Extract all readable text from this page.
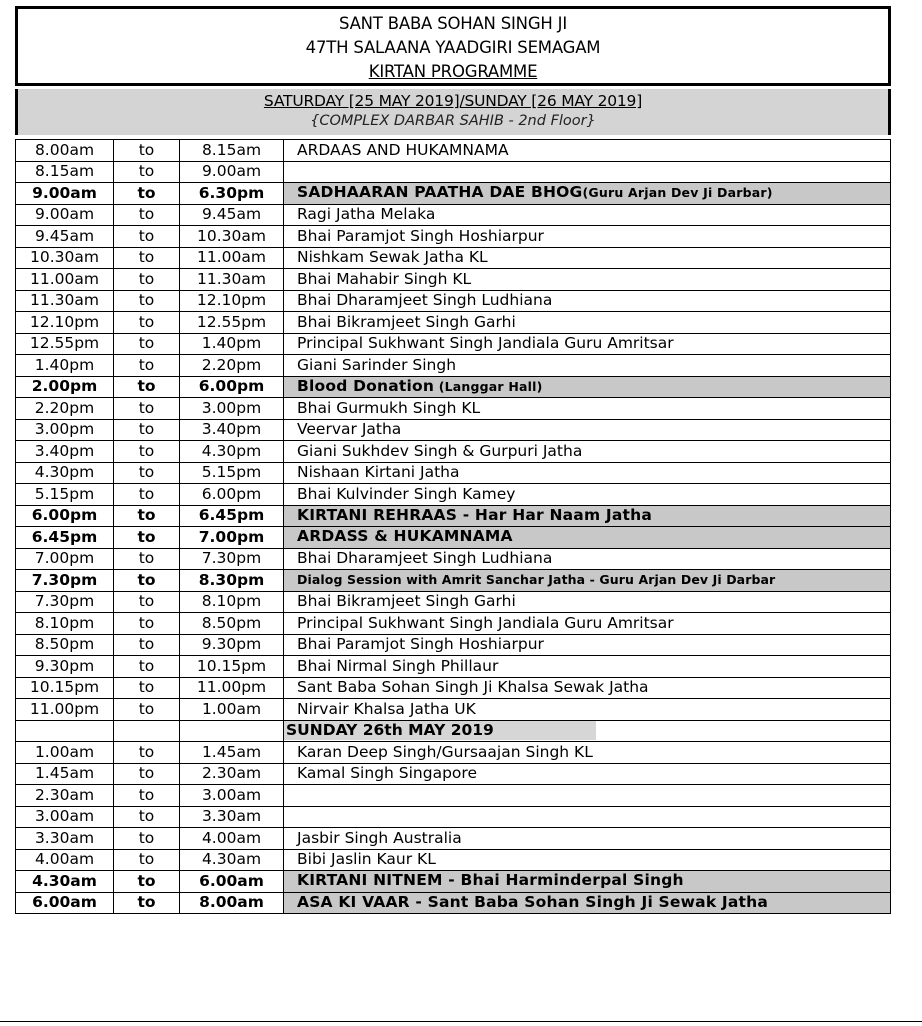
SANT BABA SOHAN SINGH JI
47TH SALAANA YAADGIRI SEMAGAM
KIRTAN PROGRAMME
SATURDAY [25 MAY 2019]/SUNDAY [26 MAY 2019]
{COMPLEX DARBAR SAHIB - 2nd Floor}
8.00am	to	8.15am	ARDAAS AND HUKAMNAMA
8.15am	to	9.00am	
9.00am	to	6.30pm	SADHAARAN PAATHA DAE BHOG(Guru Arjan Dev Ji Darbar)

9.00am	to	9.45am	Ragi Jatha Melaka
9.45am	to	10.30am	Bhai Paramjot Singh Hoshiarpur
10.30am	to	11.00am	Nishkam Sewak Jatha KL
11.00am	to	11.30am	Bhai Mahabir Singh KL
11.30am	to	12.10pm	Bhai Dharamjeet Singh Ludhiana
12.10pm	to	12.55pm	Bhai Bikramjeet Singh Garhi
12.55pm	to	1.40pm	Principal Sukhwant Singh Jandiala Guru Amritsar
1.40pm	to	2.20pm	Giani Sarinder Singh
2.00pm	to	6.00pm	Blood Donation (Langgar Hall)

2.20pm	to	3.00pm	Bhai Gurmukh Singh KL
3.00pm	to	3.40pm	Veervar Jatha
3.40pm	to	4.30pm	Giani Sukhdev Singh & Gurpuri Jatha
4.30pm	to	5.15pm	Nishaan Kirtani Jatha
5.15pm	to	6.00pm	Bhai Kulvinder Singh Kamey
6.00pm	to	6.45pm	KIRTANI REHRAAS - Har Har Naam Jatha

6.45pm	to	7.00pm	ARDASS & HUKAMNAMA

7.00pm	to	7.30pm	Bhai Dharamjeet Singh Ludhiana
7.30pm	to	8.30pm	Dialog Session with Amrit Sanchar Jatha - Guru Arjan Dev Ji Darbar

7.30pm	to	8.10pm	Bhai Bikramjeet Singh Garhi
8.10pm	to	8.50pm	Principal Sukhwant Singh Jandiala Guru Amritsar
8.50pm	to	9.30pm	Bhai Paramjot Singh Hoshiarpur
9.30pm	to	10.15pm	Bhai Nirmal Singh Phillaur
10.15pm	to	11.00pm	Sant Baba Sohan Singh Ji Khalsa Sewak Jatha
11.00pm	to	1.00am	Nirvair Khalsa Jatha UK
			SUNDAY 26th MAY 2019
1.00am	to	1.45am	Karan Deep Singh/Gursaajan Singh KL
1.45am	to	2.30am	Kamal Singh Singapore
2.30am	to	3.00am	
3.00am	to	3.30am	
3.30am	to	4.00am	Jasbir Singh Australia
4.00am	to	4.30am	Bibi Jaslin Kaur KL
4.30am	to	6.00am	KIRTANI NITNEM - Bhai Harminderpal Singh

6.00am	to	8.00am	ASA KI VAAR - Sant Baba Sohan Singh Ji Sewak Jatha
